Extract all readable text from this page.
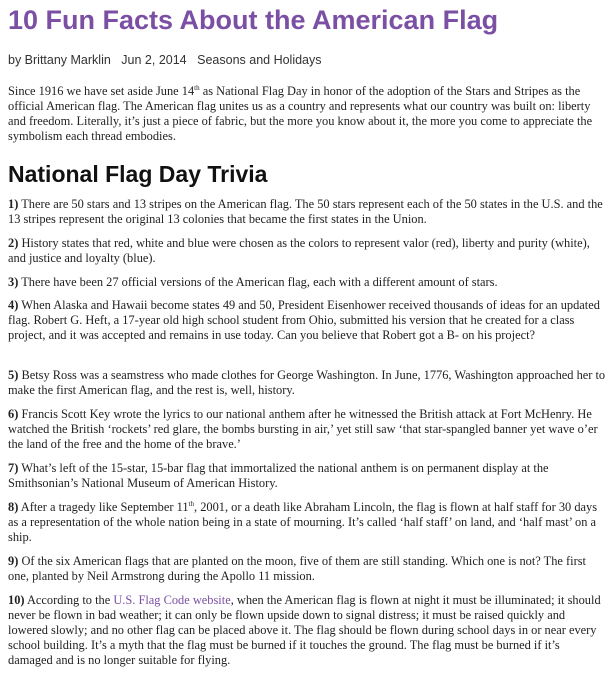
10 Fun Facts About the American Flag
by Brittany Marklin Jun 2, 2014 Seasons and Holidays

Since 1916 we have set aside June 14th as National Flag Day in honor of the adoption of the Stars and Stripes as the official American flag. The American flag unites us as a country and represents what our country was built on: liberty and freedom. Literally, it’s just a piece of fabric, but the more you know about it, the more you come to appreciate the symbolism each thread embodies.

National Flag Day Trivia

1) There are 50 stars and 13 stripes on the American flag. The 50 stars represent each of the 50 states in the U.S. and the 13 stripes represent the original 13 colonies that became the first states in the Union.

2) History states that red, white and blue were chosen as the colors to represent valor (red), liberty and purity (white), and justice and loyalty (blue).

3) There have been 27 official versions of the American flag, each with a different amount of stars.

4) When Alaska and Hawaii become states 49 and 50, President Eisenhower received thousands of ideas for an updated flag. Robert G. Heft, a 17-year old high school student from Ohio, submitted his version that he created for a class project, and it was accepted and remains in use today. Can you believe that Robert got a B- on his project?

5) Betsy Ross was a seamstress who made clothes for George Washington. In June, 1776, Washington approached her to make the first American flag, and the rest is, well, history.

6) Francis Scott Key wrote the lyrics to our national anthem after he witnessed the British attack at Fort McHenry. He watched the British ‘rockets’ red glare, the bombs bursting in air,’ yet still saw ‘that star-spangled banner yet wave o’er the land of the free and the home of the brave.’

7) What’s left of the 15-star, 15-bar flag that immortalized the national anthem is on permanent display at the Smithsonian’s National Museum of American History.

8) After a tragedy like September 11th, 2001, or a death like Abraham Lincoln, the flag is flown at half staff for 30 days as a representation of the whole nation being in a state of mourning. It’s called ‘half staff’ on land, and ‘half mast’ on a ship.

9) Of the six American flags that are planted on the moon, five of them are still standing. Which one is not? The first one, planted by Neil Armstrong during the Apollo 11 mission.

10) According to the U.S. Flag Code website, when the American flag is flown at night it must be illuminated; it should never be flown in bad weather; it can only be flown upside down to signal distress; it must be raised quickly and lowered slowly; and no other flag can be placed above it. The flag should be flown during school days in or near every school building. It’s a myth that the flag must be burned if it touches the ground. The flag must be burned if it’s damaged and is no longer suitable for flying.
